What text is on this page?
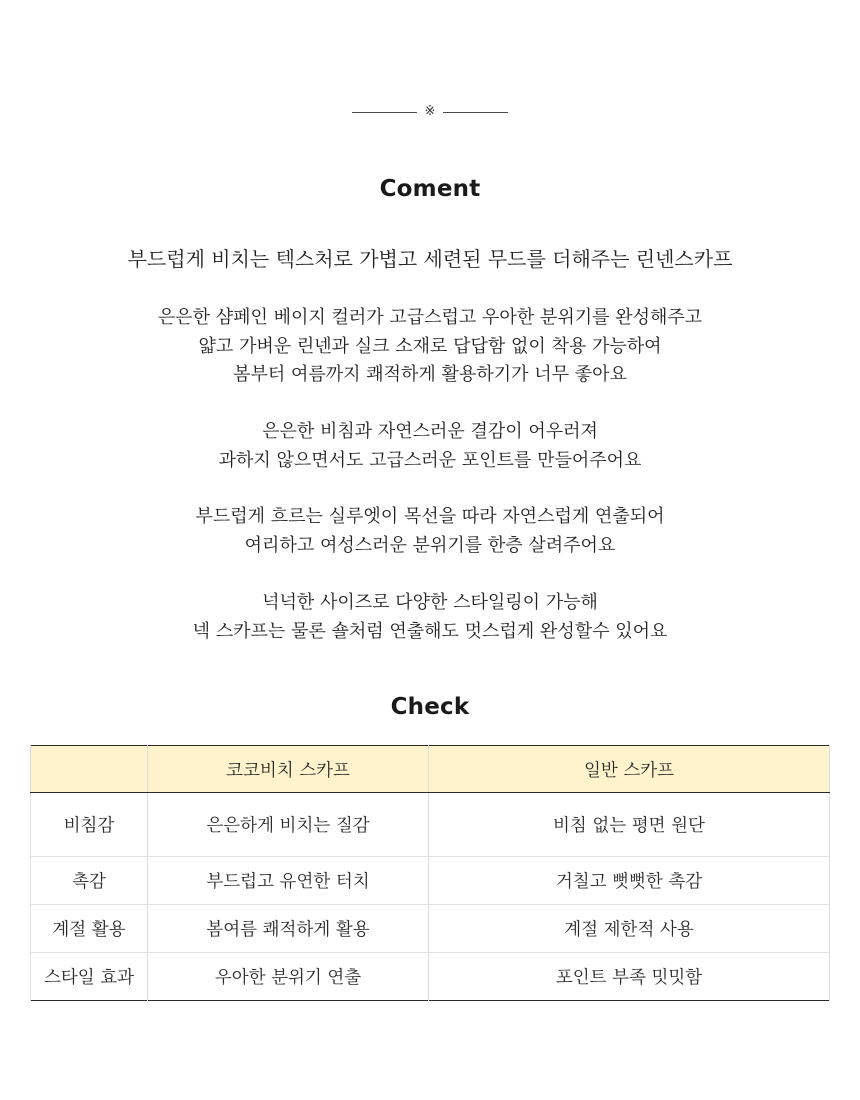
※
Coment
부드럽게 비치는 텍스처로 가볍고 세련된 무드를 더해주는 린넨스카프
은은한 샴페인 베이지 컬러가 고급스럽고 우아한 분위기를 완성해주고
얇고 가벼운 린넨과 실크 소재로 답답함 없이 착용 가능하여
봄부터 여름까지 쾌적하게 활용하기가 너무 좋아요
은은한 비침과 자연스러운 결감이 어우러져
과하지 않으면서도 고급스러운 포인트를 만들어주어요
부드럽게 흐르는 실루엣이 목선을 따라 자연스럽게 연출되어
여리하고 여성스러운 분위기를 한층 살려주어요
넉넉한 사이즈로 다양한 스타일링이 가능해
넥 스카프는 물론 숄처럼 연출해도 멋스럽게 완성할수 있어요
Check
	코코비치 스카프	일반 스카프
비침감	은은하게 비치는 질감	비침 없는 평면 원단
촉감	부드럽고 유연한 터치	거칠고 뻣뻣한 촉감
계절 활용	봄여름 쾌적하게 활용	계절 제한적 사용
스타일 효과	우아한 분위기 연출	포인트 부족 밋밋함
